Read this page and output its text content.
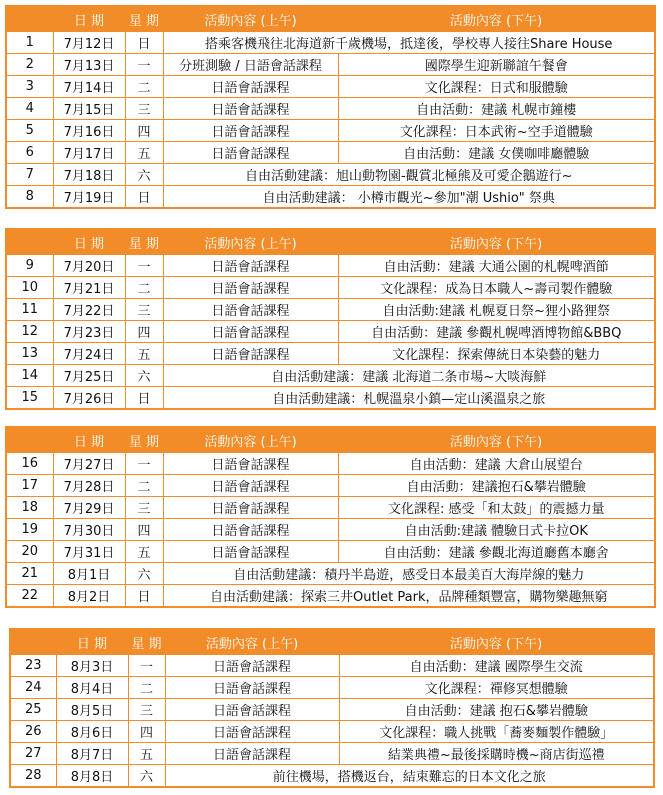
	日 期	星 期	活動內容 (上午)	活動內容 (下午)
1	7月12日	日	搭乘客機飛往北海道新千歲機場，抵達後，學校專人接往Share House	
2	7月13日	一	分班測驗 / 日語會話課程	國際學生迎新聯誼午餐會
3	7月14日	二	日語會話課程	文化課程：日式和服體驗
4	7月15日	三	日語會話課程	自由活動：建議 札幌市鐘樓
5	7月16日	四	日語會話課程	文化課程：日本武術~空手道體驗
6	7月17日	五	日語會話課程	自由活動：建議 女僕咖啡廳體驗
7	7月18日	六	自由活動建議：旭山動物園-觀賞北極熊及可愛企鵝遊行~	
8	7月19日	日	自由活動建議： 小樽市觀光~參加"潮 Ushio" 祭典	
	日 期	星 期	活動內容 (上午)	活動內容 (下午)
9	7月20日	一	日語會話課程	自由活動：建議 大通公園的札幌啤酒節
10	7月21日	二	日語會話課程	文化課程：成為日本職人~壽司製作體驗
11	7月22日	三	日語會話課程	自由活動:建議 札幌夏日祭~狸小路狸祭
12	7月23日	四	日語會話課程	自由活動：建議 參觀札幌啤酒博物館&BBQ
13	7月24日	五	日語會話課程	文化課程：探索傳統日本染藝的魅力
14	7月25日	六	自由活動建議：建議 北海道二条市場~大啖海鮮	
15	7月26日	日	自由活動建議：札幌溫泉小鎮—定山溪溫泉之旅	
	日 期	星 期	活動內容 (上午)	活動內容 (下午)
16	7月27日	一	日語會話課程	自由活動：建議 大倉山展望台
17	7月28日	二	日語會話課程	自由活動：建議抱石&攀岩體驗
18	7月29日	三	日語會話課程	文化課程: 感受「和太鼓」的震撼力量
19	7月30日	四	日語會話課程	自由活動:建議 體驗日式卡拉OK
20	7月31日	五	日語會話課程	自由活動：建議 參觀北海道廳舊本廳舍
21	8月1日	六	自由活動建議：積丹半島遊，感受日本最美百大海岸線的魅力	
22	8月2日	日	自由活動建議：探索三井Outlet Park，品牌種類豐富，購物樂趣無窮	
	日 期	星 期	活動內容 (上午)	活動內容 (下午)
23	8月3日	一	日語會話課程	自由活動：建議 國際學生交流
24	8月4日	二	日語會話課程	文化課程：禪修冥想體驗
25	8月5日	三	日語會話課程	自由活動：建議 抱石&攀岩體驗
26	8月6日	四	日語會話課程	文化課程：職人挑戰「蕎麥麵製作體驗」
27	8月7日	五	日語會話課程	結業典禮~最後採購時機~商店街巡禮
28	8月8日	六	前往機場，搭機返台，結束難忘的日本文化之旅	
